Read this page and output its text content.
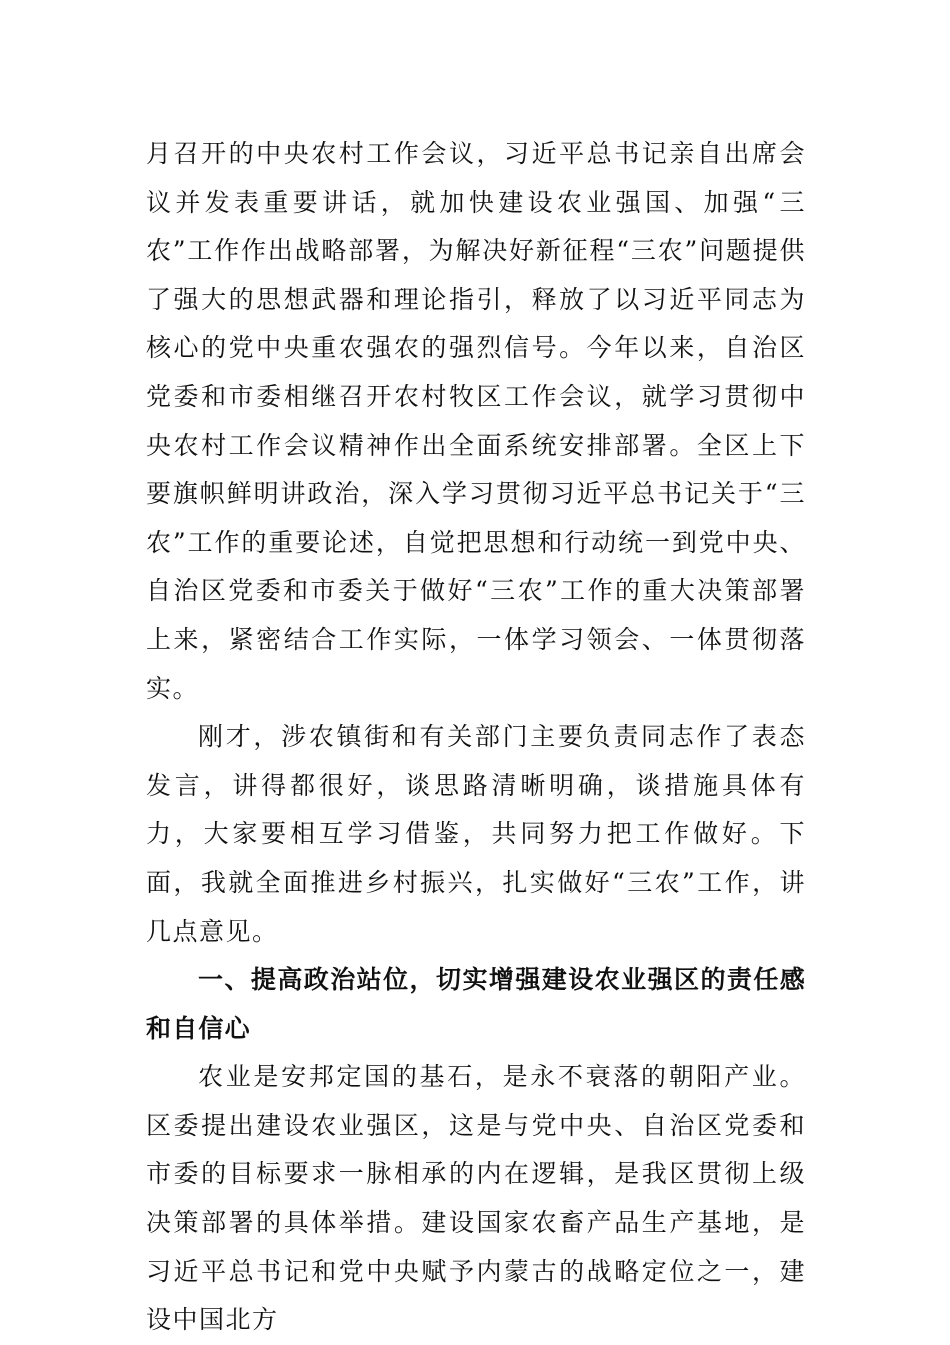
月召开的中央农村工作会议，习近平总书记亲自出席会议并发表重要讲话，就加快建设农业强国、加强“三农”工作作出战略部署，为解决好新征程“三农”问题提供了强大的思想武器和理论指引，释放了以习近平同志为核心的党中央重农强农的强烈信号。今年以来，自治区党委和市委相继召开农村牧区工作会议，就学习贯彻中央农村工作会议精神作出全面系统安排部署。全区上下要旗帜鲜明讲政治，深入学习贯彻习近平总书记关于“三农”工作的重要论述，自觉把思想和行动统一到党中央、自治区党委和市委关于做好“三农”工作的重大决策部署上来，紧密结合工作实际，一体学习领会、一体贯彻落实。

刚才，涉农镇街和有关部门主要负责同志作了表态发言，讲得都很好，谈思路清晰明确，谈措施具体有力，大家要相互学习借鉴，共同努力把工作做好。下面，我就全面推进乡村振兴，扎实做好“三农”工作，讲几点意见。

一、提高政治站位，切实增强建设农业强区的责任感和自信心

农业是安邦定国的基石，是永不衰落的朝阳产业。区委提出建设农业强区，这是与党中央、自治区党委和市委的目标要求一脉相承的内在逻辑，是我区贯彻上级决策部署的具体举措。建设国家农畜产品生产基地，是习近平总书记和党中央赋予内蒙古的战略定位之一，建设中国北方
